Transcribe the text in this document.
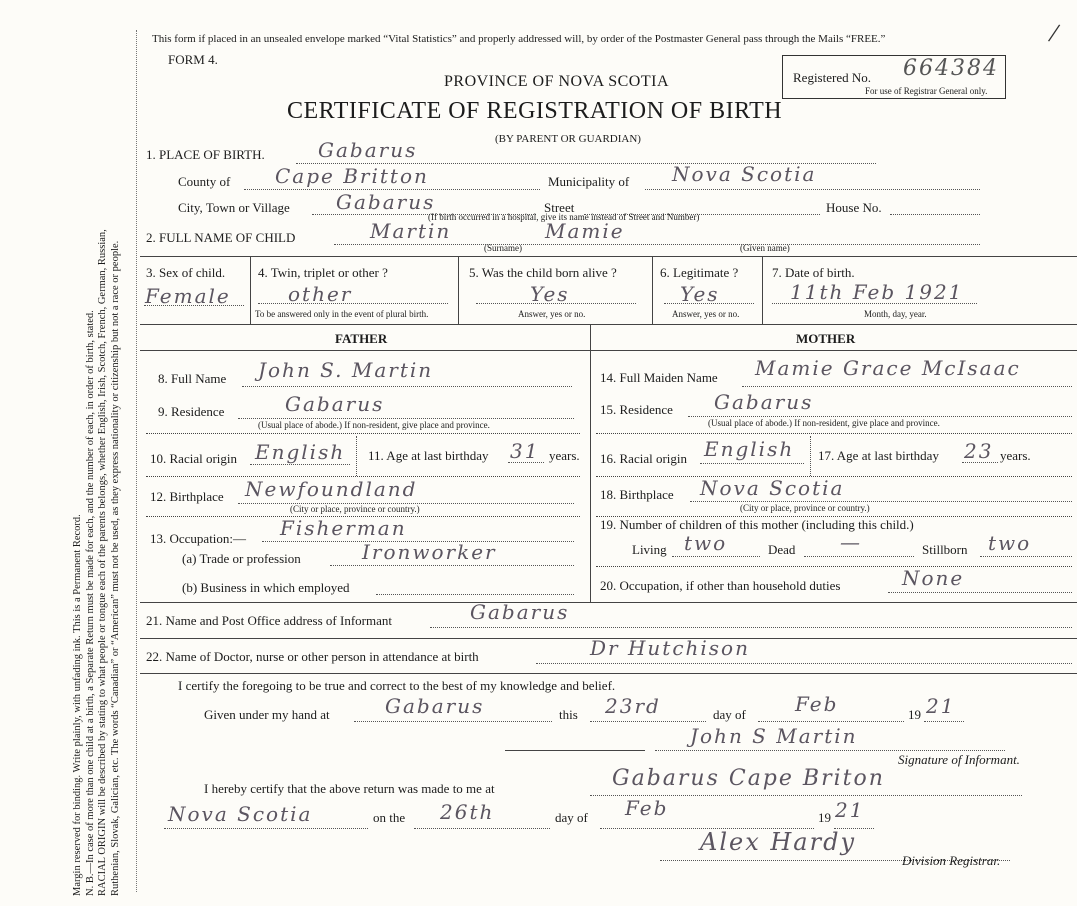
Margin reserved for binding. Write plainly, with unfading ink. This is a Permanent Record. N. B.—In case of more than one child at a birth, a Separate Return must be made for each, and the number of each, in order of birth, stated. RACIAL ORIGIN will be described by stating to what people or tongue each of the parents belongs, whether English, Irish, Scotch, French, German, Russian, Ruthenian, Slovak, Galician, etc. The words “Canadian” or “American” must not be used, as they express nationality or citizenship but not a race or people.
This form if placed in an unsealed envelope marked “Vital Statistics” and properly addressed will, by order of the Postmaster General pass through the Mails “FREE.”
FORM 4.
PROVINCE OF NOVA SCOTIA
CERTIFICATE OF REGISTRATION OF BIRTH
(BY PARENT OR GUARDIAN)
Registered No. 664384
For use of Registrar General only.
/
1. PLACE OF BIRTH.	Gabarus
County of Cape Britton	Municipality of Nova Scotia
City, Town or Village Gabarus	Street	House No.
(If birth occurred in a hospital, give its name instead of Street and Number)
2. FULL NAME OF CHILD	Martin	Mamie
(Surname)	(Given name)
3. Sex of child.
Female
4. Twin, triplet or other ?
other
To be answered only in the event of plural birth.
5. Was the child born alive ?
Yes
Answer, yes or no.
6. Legitimate ?
Yes
Answer, yes or no.
7. Date of birth.
11th Feb 1921
Month, day, year.
FATHER	MOTHER
8. Full Name John S. Martin
9. Residence	Gabarus
(Usual place of abode.) If non-resident, give place and province.
10. Racial origin English 11. Age at last birthday 31 years.
12. Birthplace Newfoundland
(City or place, province or country.)
13. Occupation:— Fisherman
(a) Trade or profession	Ironworker
(b) Business in which employed
14. Full Maiden Name Mamie Grace McIsaac
15. Residence Gabarus
(Usual place of abode.) If non-resident, give place and province.
16. Racial origin English 17. Age at last birthday 23 years.
18. Birthplace Nova Scotia
(City or place, province or country.)
19. Number of children of this mother (including this child.)
Living two	Dead —	Stillborn two
20. Occupation, if other than household duties	None
21. Name and Post Office address of Informant	Gabarus
22. Name of Doctor, nurse or other person in attendance at birth	Dr Hutchison
I certify the foregoing to be true and correct to the best of my knowledge and belief.
Given under my hand at	Gabarus	this 23rd	day of Feb	19 21
John S Martin
Signature of Informant.
I hereby certify that the above return was made to me at	Gabarus Cape Briton
Nova Scotia	on the 26th	day of Feb	19 21
Alex Hardy
Division Registrar.
